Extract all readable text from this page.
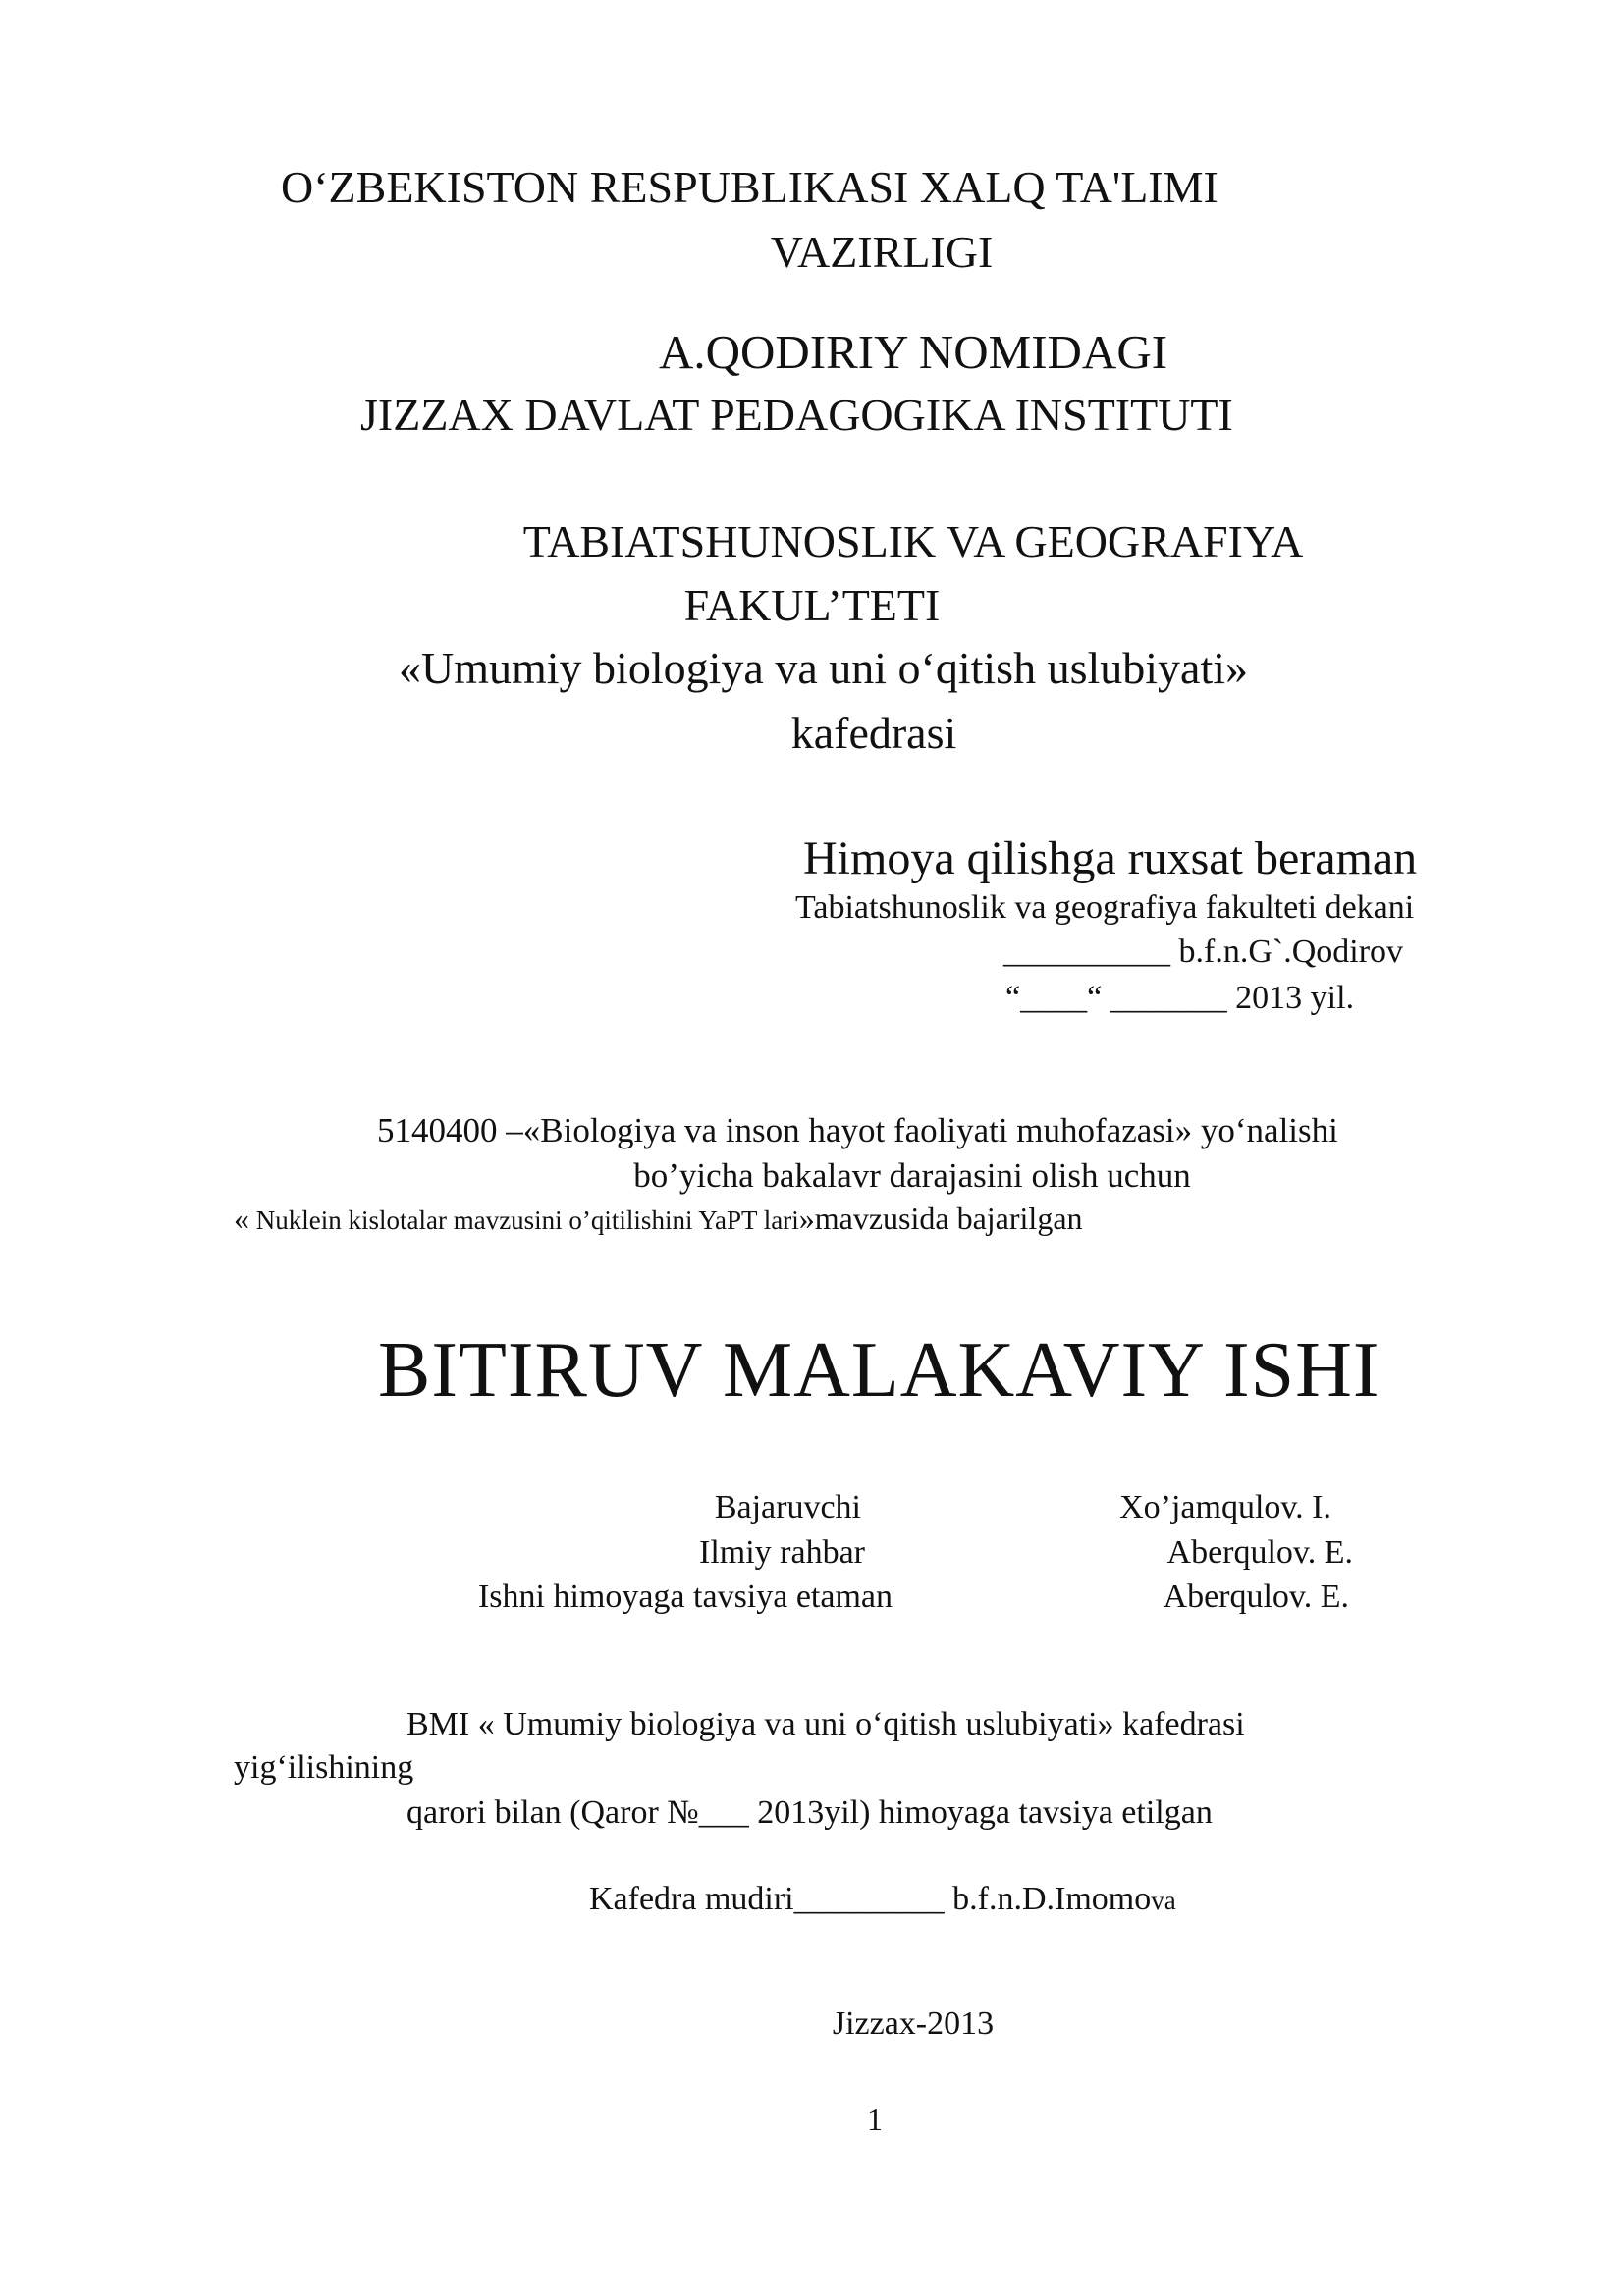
O‘ZBEKISTON RESPUBLIKASI XALQ TA'LIMI
VAZIRLIGI
A.QODIRIY NOMIDAGI
JIZZAX DAVLAT PEDAGOGIKA INSTITUTI
TABIATSHUNOSLIK VA GEOGRAFIYA
FAKUL’TETI
«Umumiy biologiya va uni o‘qitish uslubiyati»
kafedrasi
Himoya qilishga ruxsat beraman
Tabiatshunoslik va geografiya fakulteti dekani
__________ b.f.n.G`.Qodirov
“____“ _______ 2013 yil.
5140400 –«Biologiya va inson hayot faoliyati muhofazasi» yo‘nalishi
bo’yicha bakalavr darajasini olish uchun
« Nuklein kislotalar mavzusini o’qitilishini YaPT lari»mavzusida bajarilgan
BITIRUV MALAKAVIY ISHI
Bajaruvchi	Xo’jamqulov. I.
Ilmiy rahbar	Aberqulov. E.
Ishni himoyaga tavsiya etaman	Aberqulov. E.
BMI « Umumiy biologiya va uni o‘qitish uslubiyati» kafedrasi
yig‘ilishining
qarori bilan (Qaror №___ 2013yil) himoyaga tavsiya etilgan
Kafedra mudiri_________ b.f.n.D.Imomova
Jizzax-2013
1
